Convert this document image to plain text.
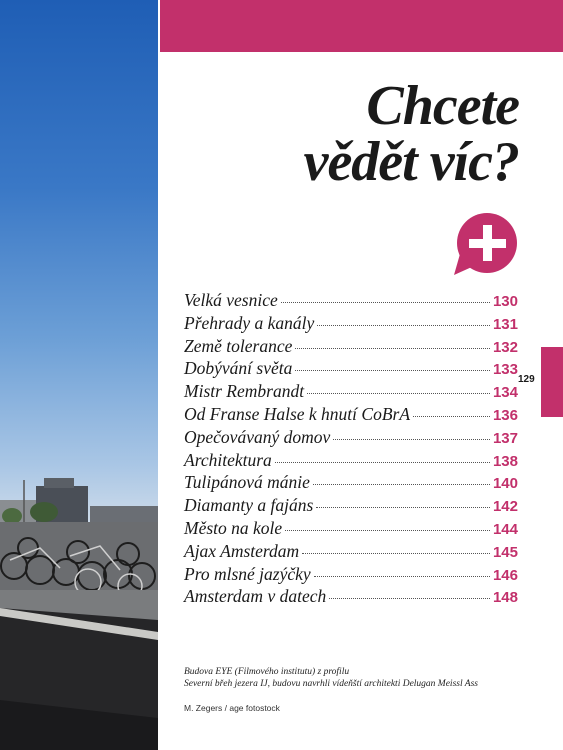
Chcete
vědět víc?
Velká vesnice	130
Přehrady a kanály	131
Země tolerance	132
Dobývání světa	133
Mistr Rembrandt	134
Od Franse Halse k hnutí CoBrA	136
Opečovávaný domov	137
Architektura	138
Tulipánová mánie	140
Diamanty a fajáns	142
Město na kole	144
Ajax Amsterdam	145
Pro mlsné jazýčky	146
Amsterdam v datech	148
129
Budova EYE (Filmového institutu) z profilu
Severní břeh jezera IJ, budovu navrhli vídeňští architekti Delugan Meissl Ass
M. Zegers / age fotostock
